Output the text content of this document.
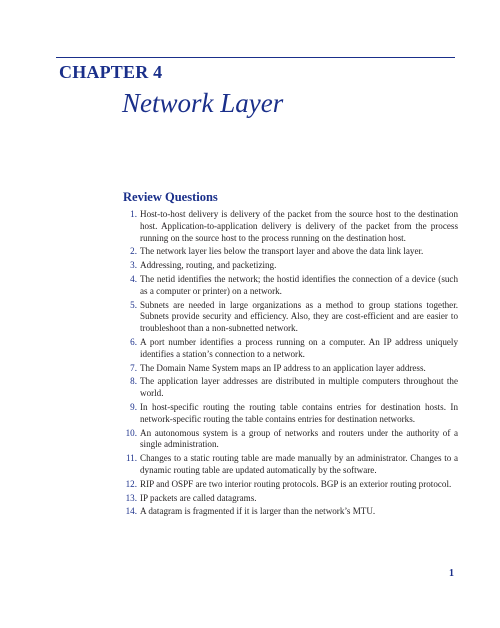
CHAPTER 4
Network Layer
Review Questions
1. Host-to-host delivery is delivery of the packet from the source host to the destination host. Application-to-application delivery is delivery of the packet from the process running on the source host to the process running on the destination host.
2. The network layer lies below the transport layer and above the data link layer.
3. Addressing, routing, and packetizing.
4. The netid identifies the network; the hostid identifies the connection of a device (such as a computer or printer) on a network.
5. Subnets are needed in large organizations as a method to group stations together. Subnets provide security and efficiency. Also, they are cost-efficient and are easier to troubleshoot than a non-subnetted network.
6. A port number identifies a process running on a computer. An IP address uniquely identifies a station’s connection to a network.
7. The Domain Name System maps an IP address to an application layer address.
8. The application layer addresses are distributed in multiple computers throughout the world.
9. In host-specific routing the routing table contains entries for destination hosts. In network-specific routing the table contains entries for destination networks.
10. An autonomous system is a group of networks and routers under the authority of a single administration.
11. Changes to a static routing table are made manually by an administrator. Changes to a dynamic routing table are updated automatically by the software.
12. RIP and OSPF are two interior routing protocols. BGP is an exterior routing protocol.
13. IP packets are called datagrams.
14. A datagram is fragmented if it is larger than the network’s MTU.

1
